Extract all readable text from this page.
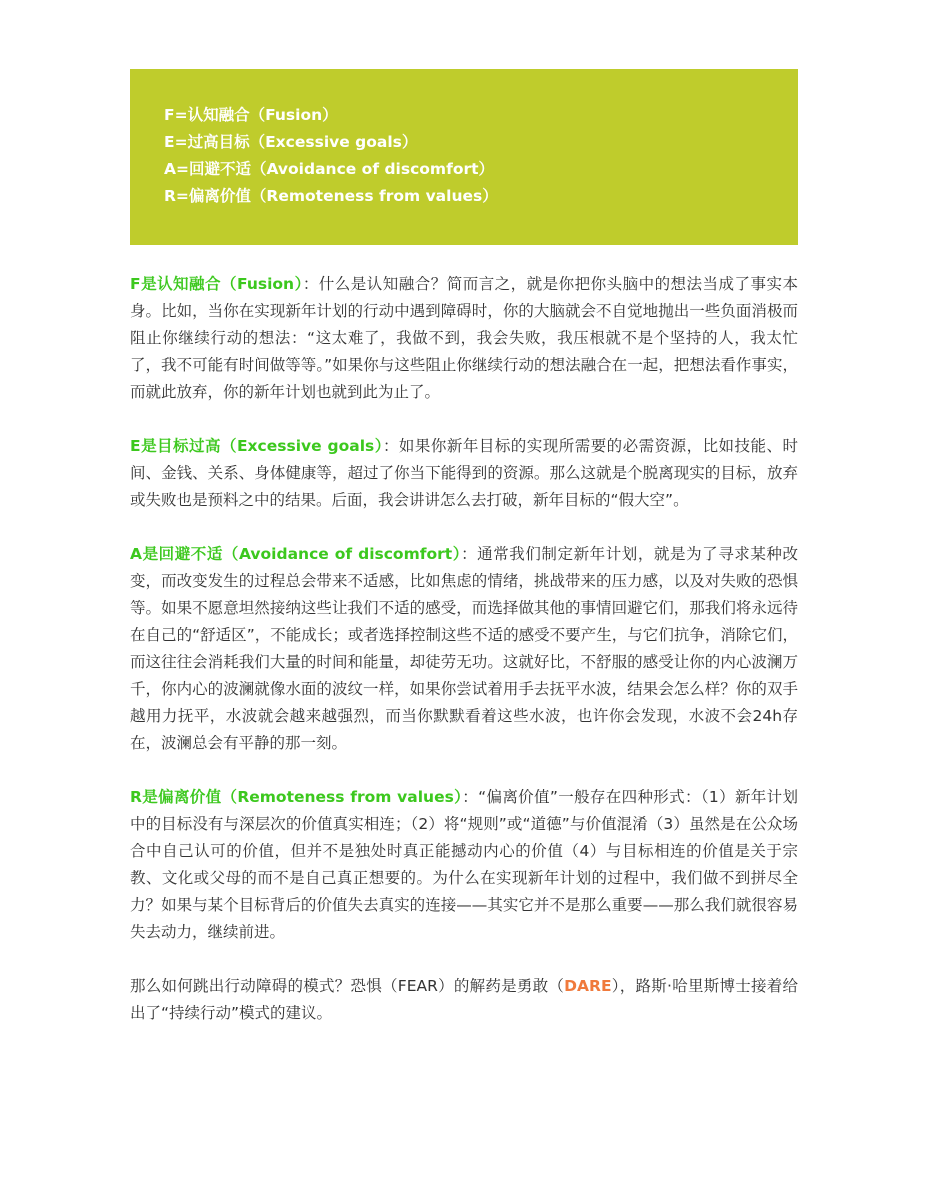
F=认知融合（Fusion）
E=过高目标（Excessive goals）
A=回避不适（Avoidance of discomfort）
R=偏离价值（Remoteness from values）

F是认知融合（Fusion）：什么是认知融合？简而言之，就是你把你头脑中的想法当成了事实本身。比如，当你在实现新年计划的行动中遇到障碍时，你的大脑就会不自觉地抛出一些负面消极而阻止你继续行动的想法：“这太难了，我做不到，我会失败，我压根就不是个坚持的人，我太忙了，我不可能有时间做等等。”如果你与这些阻止你继续行动的想法融合在一起，把想法看作事实，而就此放弃，你的新年计划也就到此为止了。

E是目标过高（Excessive goals）：如果你新年目标的实现所需要的必需资源，比如技能、时间、金钱、关系、身体健康等，超过了你当下能得到的资源。那么这就是个脱离现实的目标，放弃或失败也是预料之中的结果。后面，我会讲讲怎么去打破，新年目标的“假大空”。

A是回避不适（Avoidance of discomfort）：通常我们制定新年计划，就是为了寻求某种改变，而改变发生的过程总会带来不适感，比如焦虑的情绪，挑战带来的压力感，以及对失败的恐惧等。如果不愿意坦然接纳这些让我们不适的感受，而选择做其他的事情回避它们，那我们将永远待在自己的“舒适区”，不能成长；或者选择控制这些不适的感受不要产生，与它们抗争，消除它们，而这往往会消耗我们大量的时间和能量，却徒劳无功。这就好比，不舒服的感受让你的内心波澜万千，你内心的波澜就像水面的波纹一样，如果你尝试着用手去抚平水波，结果会怎么样？你的双手越用力抚平，水波就会越来越强烈，而当你默默看着这些水波，也许你会发现，水波不会24h存在，波澜总会有平静的那一刻。

R是偏离价值（Remoteness from values）：“偏离价值”一般存在四种形式：（1）新年计划中的目标没有与深层次的价值真实相连；（2）将“规则”或“道德”与价值混淆（3）虽然是在公众场合中自己认可的价值，但并不是独处时真正能撼动内心的价值（4）与目标相连的价值是关于宗教、文化或父母的而不是自己真正想要的。为什么在实现新年计划的过程中，我们做不到拼尽全力？如果与某个目标背后的价值失去真实的连接——其实它并不是那么重要——那么我们就很容易失去动力，继续前进。

那么如何跳出行动障碍的模式？恐惧（FEAR）的解药是勇敢（DARE），路斯·哈里斯博士接着给出了“持续行动”模式的建议。
